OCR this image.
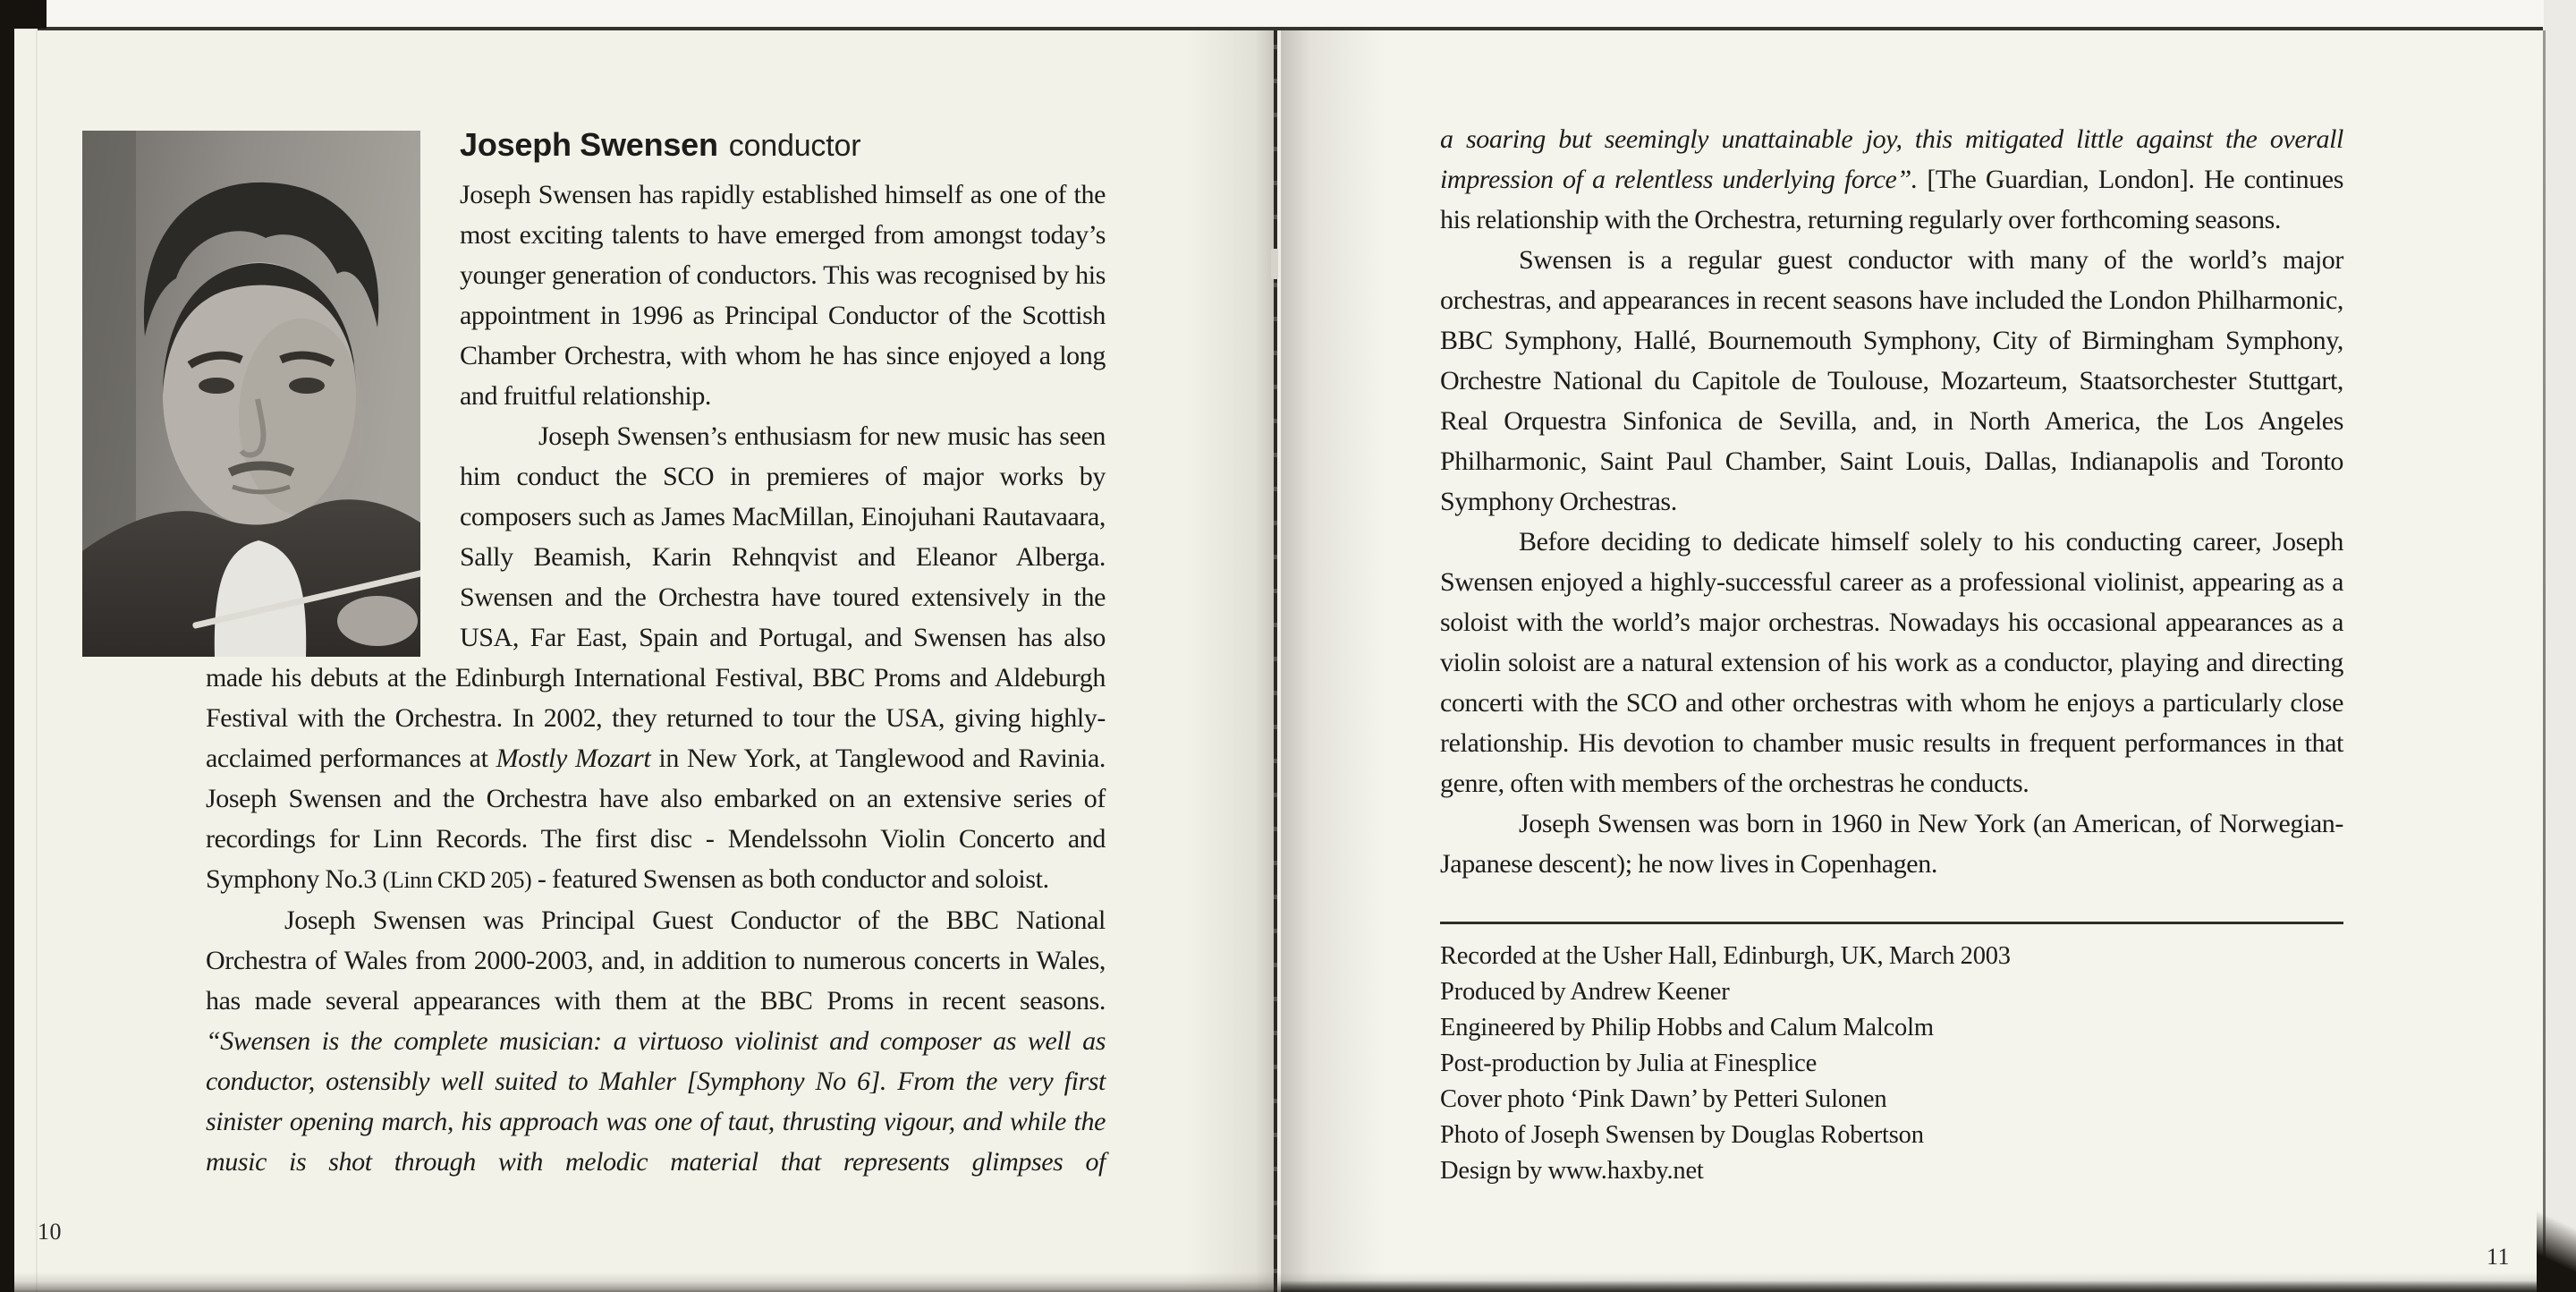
Joseph Swensen conductor

Joseph Swensen has rapidly established himself as one of the most exciting talents to have emerged from amongst today’s younger generation of conductors. This was recognised by his appointment in 1996 as Principal Conductor of the Scottish Chamber Orchestra, with whom he has since enjoyed a long and fruitful relationship.

Joseph Swensen’s enthusiasm for new music has seen him conduct the SCO in premieres of major works by composers such as James MacMillan, Einojuhani Rautavaara, Sally Beamish, Karin Rehnqvist and Eleanor Alberga. Swensen and the Orchestra have toured extensively in the USA, Far East, Spain and Portugal, and Swensen has also made his debuts at the Edinburgh International Festival, BBC Proms and Aldeburgh Festival with the Orchestra. In 2002, they returned to tour the USA, giving highly-acclaimed performances at Mostly Mozart in New York, at Tanglewood and Ravinia. Joseph Swensen and the Orchestra have also embarked on an extensive series of recordings for Linn Records. The first disc - Mendelssohn Violin Concerto and Symphony No.3 (Linn CKD 205) - featured Swensen as both conductor and soloist.

Joseph Swensen was Principal Guest Conductor of the BBC National Orchestra of Wales from 2000-2003, and, in addition to numerous concerts in Wales, has made several appearances with them at the BBC Proms in recent seasons. “Swensen is the complete musician: a virtuoso violinist and composer as well as conductor, ostensibly well suited to Mahler [Symphony No 6]. From the very first sinister opening march, his approach was one of taut, thrusting vigour, and while the music is shot through with melodic material that represents glimpses of

10

a soaring but seemingly unattainable joy, this mitigated little against the overall impression of a relentless underlying force”. [The Guardian, London]. He continues his relationship with the Orchestra, returning regularly over forthcoming seasons.

Swensen is a regular guest conductor with many of the world’s major orchestras, and appearances in recent seasons have included the London Philharmonic, BBC Symphony, Hallé, Bournemouth Symphony, City of Birmingham Symphony, Orchestre National du Capitole de Toulouse, Mozarteum, Staatsorchester Stuttgart, Real Orquestra Sinfonica de Sevilla, and, in North America, the Los Angeles Philharmonic, Saint Paul Chamber, Saint Louis, Dallas, Indianapolis and Toronto Symphony Orchestras.

Before deciding to dedicate himself solely to his conducting career, Joseph Swensen enjoyed a highly-successful career as a professional violinist, appearing as a soloist with the world’s major orchestras. Nowadays his occasional appearances as a violin soloist are a natural extension of his work as a conductor, playing and directing concerti with the SCO and other orchestras with whom he enjoys a particularly close relationship. His devotion to chamber music results in frequent performances in that genre, often with members of the orchestras he conducts.

Joseph Swensen was born in 1960 in New York (an American, of Norwegian-Japanese descent); he now lives in Copenhagen.

Recorded at the Usher Hall, Edinburgh, UK, March 2003

Produced by Andrew Keener

Engineered by Philip Hobbs and Calum Malcolm

Post-production by Julia at Finesplice

Cover photo ‘Pink Dawn’ by Petteri Sulonen

Photo of Joseph Swensen by Douglas Robertson

Design by www.haxby.net

11
